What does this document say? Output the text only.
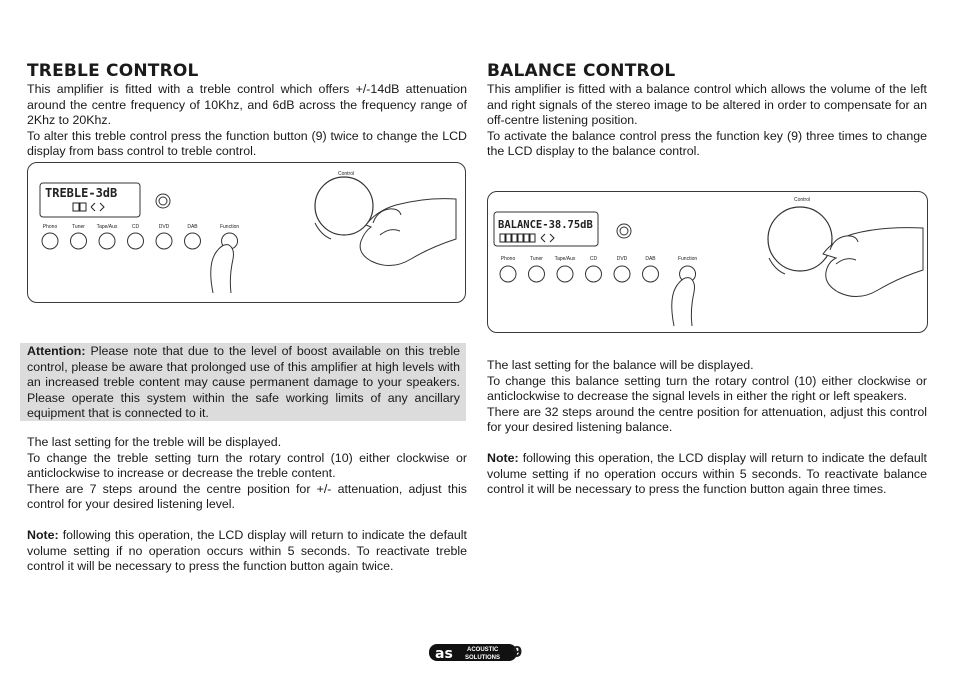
TREBLE CONTROL

This amplifier is fitted with a treble control which offers +/-14dB attenuation around the centre frequency of 10Khz, and 6dB across the frequency range of 2Khz to 20Khz.

To alter this treble control press the function button (9) twice to change the LCD display from bass control to treble control.

TREBLE-3dB
Phono	Tuner Tape/Aux	CD	DVD	DAB	Function
Control

Attention: Please note that due to the level of boost available on this treble control, please be aware that prolonged use of this amplifier at high levels with an increased treble content may cause permanent damage to your speakers. Please operate this system within the safe working limits of any ancillary equipment that is connected to it.

The last setting for the treble will be displayed.

To change the treble setting turn the rotary control (10) either clockwise or anticlockwise to increase or decrease the treble content.

There are 7 steps around the centre position for +/- attenuation, adjust this control for your desired listening level.

Note: following this operation, the LCD display will return to indicate the default volume setting if no operation occurs within 5 seconds. To reactivate treble control it will be necessary to press the function button again twice.

BALANCE CONTROL

This amplifier is fitted with a balance control which allows the volume of the left and right signals of the stereo image to be altered in order to compensate for an off-centre listening position.

To activate the balance control press the function key (9) three times to change the LCD display to the balance control.

BALANCE-38.75dB
Phono	Tuner Tape/Aux	CD	DVD	DAB	Function
Control

The last setting for the balance will be displayed.

To change this balance setting turn the rotary control (10) either clockwise or anticlockwise to decrease the signal levels in either the right or left speakers.

There are 32 steps around the centre position for attenuation, adjust this control for your desired listening balance.

Note: following this operation, the LCD display will return to indicate the default volume setting if no operation occurs within 5 seconds. To reactivate balance control it will be necessary to press the function button again three times.

as ACOUSTIC
SOLUTIONS 9
